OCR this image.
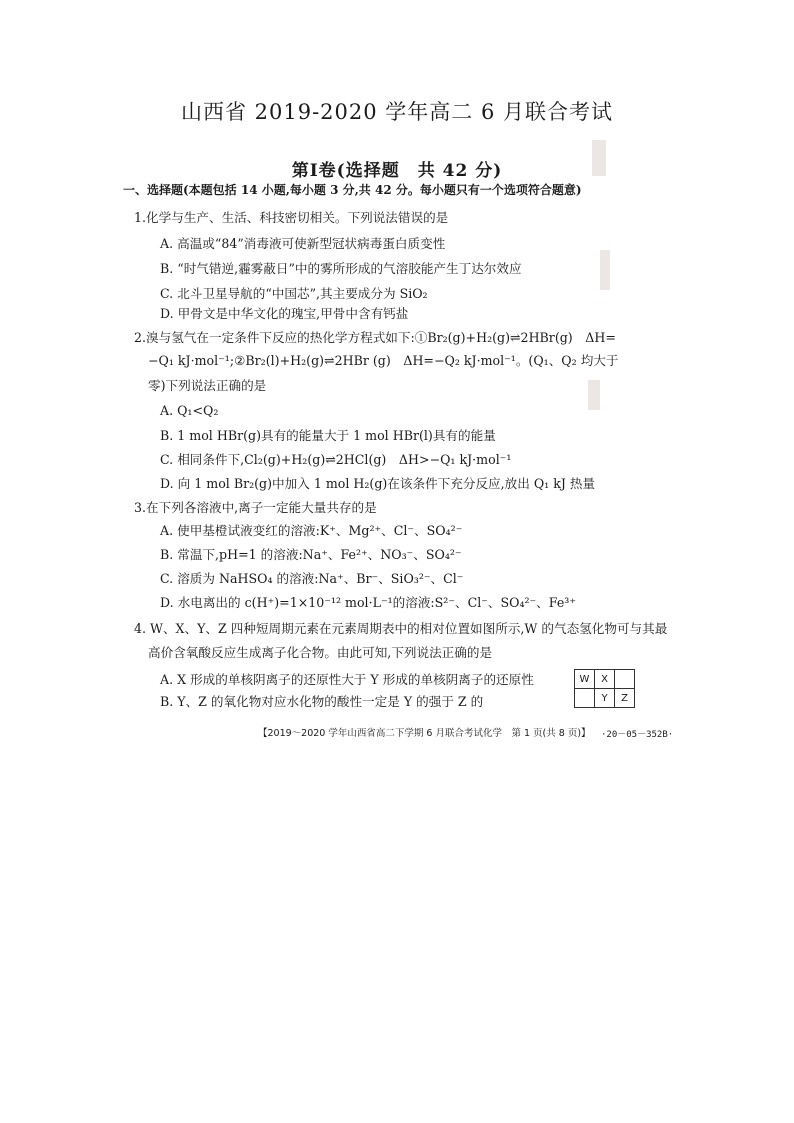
山西省 2019-2020 学年高二 6 月联合考试
第Ⅰ卷(选择题　共 42 分)
一、选择题(本题包括 14 小题,每小题 3 分,共 42 分。每小题只有一个选项符合题意)
1.化学与生产、生活、科技密切相关。下列说法错误的是
A. 高温或“84”消毒液可使新型冠状病毒蛋白质变性
B. “时气错逆,霾雾蔽日”中的雾所形成的气溶胶能产生丁达尔效应
C. 北斗卫星导航的“中国芯”,其主要成分为 SiO₂
D. 甲骨文是中华文化的瑰宝,甲骨中含有钙盐
2.溴与氢气在一定条件下反应的热化学方程式如下:①Br₂(g)+H₂(g)⇌2HBr(g)　ΔH=
−Q₁ kJ·mol⁻¹;②Br₂(l)+H₂(g)⇌2HBr (g)　ΔH=−Q₂ kJ·mol⁻¹。(Q₁、Q₂ 均大于
零)下列说法正确的是
A. Q₁<Q₂
B. 1 mol HBr(g)具有的能量大于 1 mol HBr(l)具有的能量
C. 相同条件下,Cl₂(g)+H₂(g)⇌2HCl(g)　ΔH>−Q₁ kJ·mol⁻¹
D. 向 1 mol Br₂(g)中加入 1 mol H₂(g)在该条件下充分反应,放出 Q₁ kJ 热量
3.在下列各溶液中,离子一定能大量共存的是
A. 使甲基橙试液变红的溶液:K⁺、Mg²⁺、Cl⁻、SO₄²⁻
B. 常温下,pH=1 的溶液:Na⁺、Fe²⁺、NO₃⁻、SO₄²⁻
C. 溶质为 NaHSO₄ 的溶液:Na⁺、Br⁻、SiO₃²⁻、Cl⁻
D. 水电离出的 c(H⁺)=1×10⁻¹² mol·L⁻¹的溶液:S²⁻、Cl⁻、SO₄²⁻、Fe³⁺
4. W、X、Y、Z 四种短周期元素在元素周期表中的相对位置如图所示,W 的气态氢化物可与其最
高价含氧酸反应生成离子化合物。由此可知,下列说法正确的是
A. X 形成的单核阴离子的还原性大于 Y 形成的单核阴离子的还原性
B. Y、Z 的氧化物对应水化物的酸性一定是 Y 的强于 Z 的
W	X	
	Y	Z
【2019～2020 学年山西省高二下学期 6 月联合考试化学　第 1 页(共 8 页)】 ·20－05－352B·
